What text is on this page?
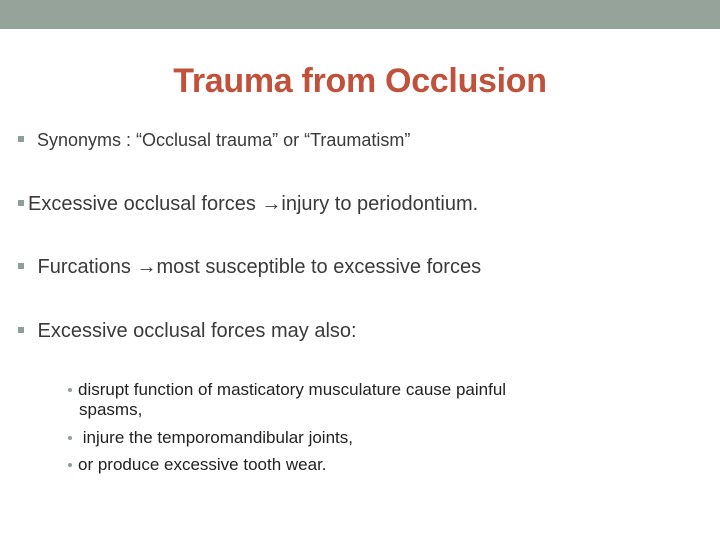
Trauma from Occlusion
Synonyms : “Occlusal trauma” or “Traumatism”
Excessive occlusal forces →injury to periodontium.
Furcations →most susceptible to excessive forces
Excessive occlusal forces may also:
disrupt function of masticatory musculature cause painful
spasms,
injure the temporomandibular joints,
or produce excessive tooth wear.
